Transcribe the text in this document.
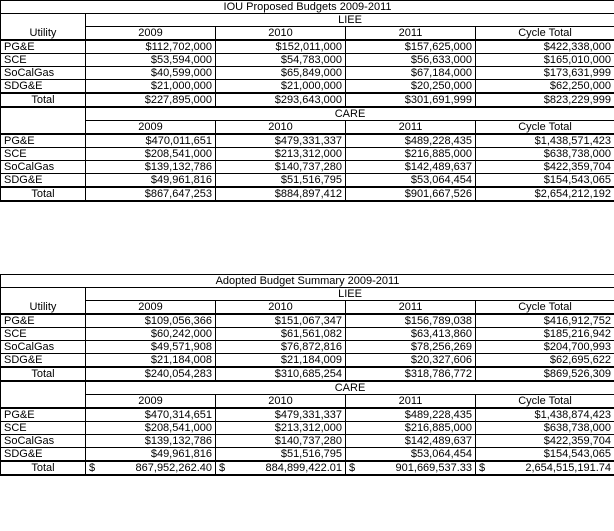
IOU Proposed Budgets 2009-2011				
	LIEE			
Utility	2009	2010	2011	Cycle Total
PG&E	$112,702,000	$152,011,000	$157,625,000	$422,338,000
SCE	$53,594,000	$54,783,000	$56,633,000	$165,010,000
SoCalGas	$40,599,000	$65,849,000	$67,184,000	$173,631,999
SDG&E	$21,000,000	$21,000,000	$20,250,000	$62,250,000
Total	$227,895,000	$293,643,000	$301,691,999	$823,229,999
	CARE			
	2009	2010	2011	Cycle Total
PG&E	$470,011,651	$479,331,337	$489,228,435	$1,438,571,423
SCE	$208,541,000	$213,312,000	$216,885,000	$638,738,000
SoCalGas	$139,132,786	$140,737,280	$142,489,637	$422,359,704
SDG&E	$49,961,816	$51,516,795	$53,064,454	$154,543,065
Total	$867,647,253	$884,897,412	$901,667,526	$2,654,212,192
Adopted Budget Summary 2009-2011				
	LIEE			
Utility	2009	2010	2011	Cycle Total
PG&E	$109,056,366	$151,067,347	$156,789,038	$416,912,752
SCE	$60,242,000	$61,561,082	$63,413,860	$185,216,942
SoCalGas	$49,571,908	$76,872,816	$78,256,269	$204,700,993
SDG&E	$21,184,008	$21,184,009	$20,327,606	$62,695,622
Total	$240,054,283	$310,685,254	$318,786,772	$869,526,309
	CARE			
	2009	2010	2011	Cycle Total
PG&E	$470,314,651	$479,331,337	$489,228,435	$1,438,874,423
SCE	$208,541,000	$213,312,000	$216,885,000	$638,738,000
SoCalGas	$139,132,786	$140,737,280	$142,489,637	$422,359,704
SDG&E	$49,961,816	$51,516,795	$53,064,454	$154,543,065
Total	$ 867,952,262.40	$ 884,899,422.01	$ 901,669,537.33	$ 2,654,515,191.74
